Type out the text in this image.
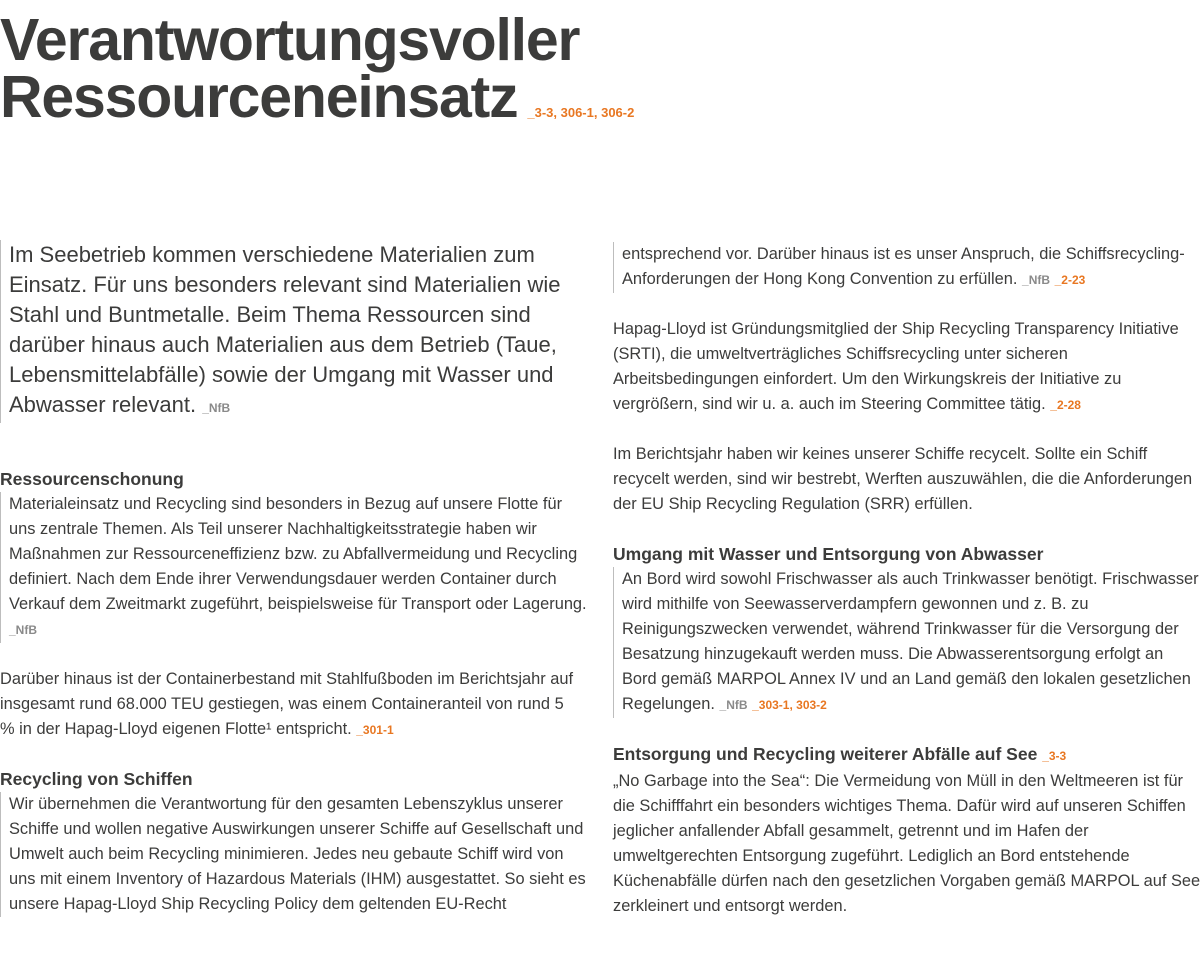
Verantwortungsvoller
Ressourceneinsatz _3-3, 306-1, 306-2
Im Seebetrieb kommen verschiedene Materialien zum Einsatz. Für uns besonders relevant sind Materialien wie Stahl und Buntmetalle. Beim Thema Ressourcen sind darüber hinaus auch Materialien aus dem Betrieb (Taue, Lebensmittelabfälle) sowie der Umgang mit Wasser und Abwasser relevant. _NfB

Ressourcenschonung

Materialeinsatz und Recycling sind besonders in Bezug auf unsere Flotte für uns zentrale Themen. Als Teil unserer Nachhaltigkeitsstrategie haben wir Maßnahmen zur Ressourceneffizienz bzw. zu Abfallvermeidung und Recycling definiert. Nach dem Ende ihrer Verwendungsdauer werden Container durch Verkauf dem Zweitmarkt zugeführt, beispielsweise für Transport oder Lagerung. _NfB

Darüber hinaus ist der Containerbestand mit Stahlfußboden im Berichtsjahr auf insgesamt rund 68.000 TEU gestiegen, was einem Containeranteil von rund 5 % in der Hapag-Lloyd eigenen Flotte¹ entspricht. _301-1

Recycling von Schiffen

Wir übernehmen die Verantwortung für den gesamten Lebenszyklus unserer Schiffe und wollen negative Auswirkungen unserer Schiffe auf Gesellschaft und Umwelt auch beim Recycling minimieren. Jedes neu gebaute Schiff wird von uns mit einem Inventory of Hazardous Materials (IHM) ausgestattet. So sieht es unsere Hapag-Lloyd Ship Recycling Policy dem geltenden EU-Recht

entsprechend vor. Darüber hinaus ist es unser Anspruch, die Schiffsrecycling-Anforderungen der Hong Kong Convention zu erfüllen. _NfB _2-23

Hapag-Lloyd ist Gründungsmitglied der Ship Recycling Transparency Initiative (SRTI), die umweltverträgliches Schiffsrecycling unter sicheren Arbeitsbedingungen einfordert. Um den Wirkungskreis der Initiative zu vergrößern, sind wir u. a. auch im Steering Committee tätig. _2-28

Im Berichtsjahr haben wir keines unserer Schiffe recycelt. Sollte ein Schiff recycelt werden, sind wir bestrebt, Werften auszuwählen, die die Anforderungen der EU Ship Recycling Regulation (SRR) erfüllen.

Umgang mit Wasser und Entsorgung von Abwasser

An Bord wird sowohl Frischwasser als auch Trinkwasser benötigt. Frischwasser wird mithilfe von Seewasserverdampfern gewonnen und z. B. zu Reinigungszwecken verwendet, während Trinkwasser für die Versorgung der Besatzung hinzugekauft werden muss. Die Abwasserentsorgung erfolgt an Bord gemäß MARPOL Annex IV und an Land gemäß den lokalen gesetzlichen Regelungen. _NfB _303-1, 303-2

Entsorgung und Recycling weiterer Abfälle auf See _3-3

„No Garbage into the Sea“: Die Vermeidung von Müll in den Weltmeeren ist für die Schifffahrt ein besonders wichtiges Thema. Dafür wird auf unseren Schiffen jeglicher anfallender Abfall gesammelt, getrennt und im Hafen der umweltgerechten Entsorgung zugeführt. Lediglich an Bord entstehende Küchenabfälle dürfen nach den gesetzlichen Vorgaben gemäß MARPOL auf See zerkleinert und entsorgt werden.
